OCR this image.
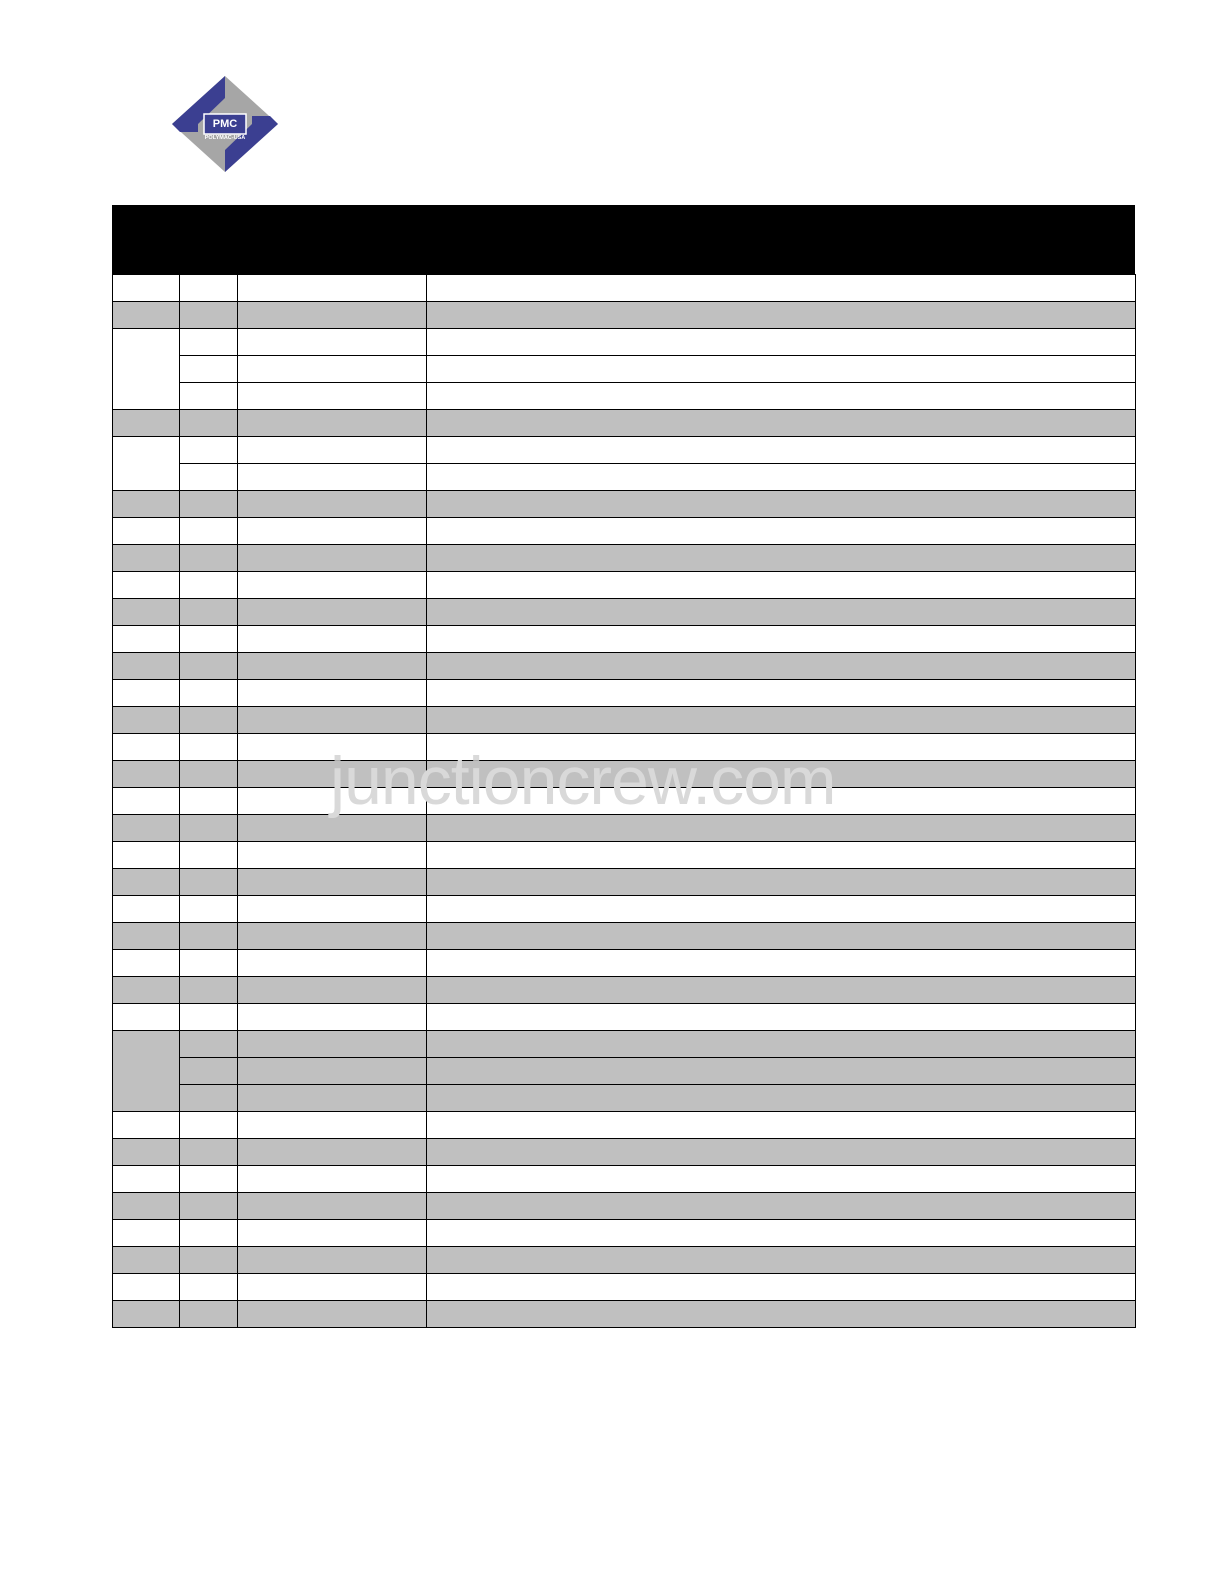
PMC
POLYMAC-USA

junctioncrew.com
